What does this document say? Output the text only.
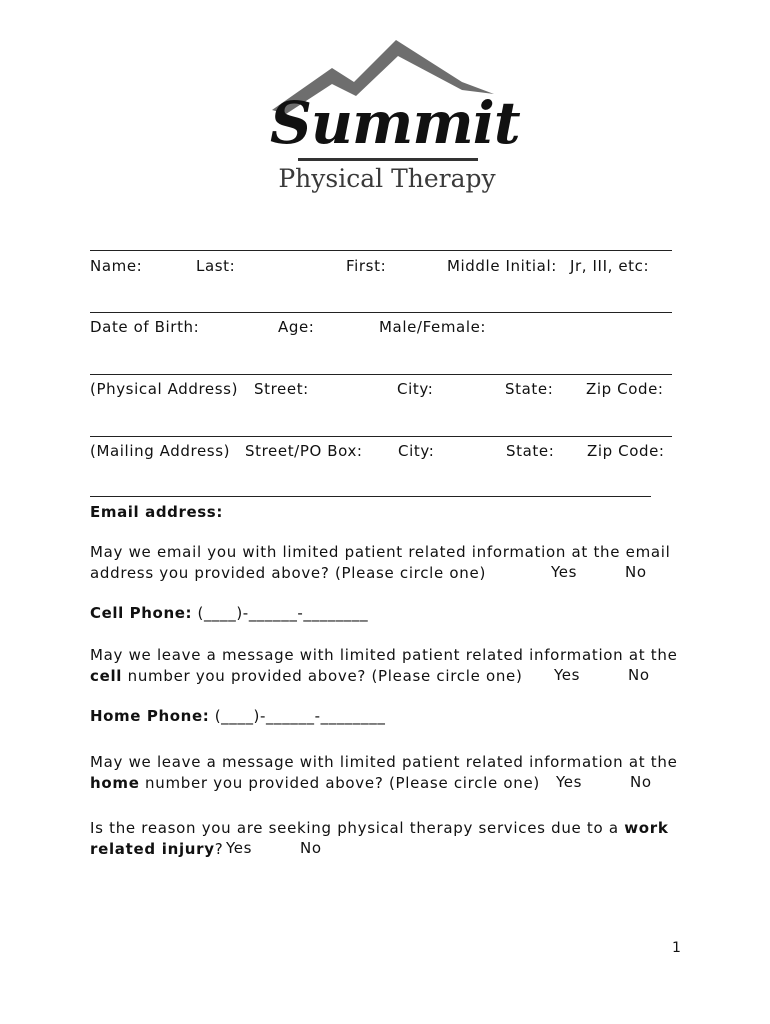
Summit
Physical Therapy
Name:	Last:	First:	Middle Initial: Jr, III, etc:
Date of Birth:	Age:	Male/Female:
(Physical Address) Street:	City:	State: Zip Code:
(Mailing Address) Street/PO Box: City:	State: Zip Code:
Email address:
May we email you with limited patient related information at the email
address you provided above? (Please circle one)	Yes	No
Cell Phone: (____)-______-________
May we leave a message with limited patient related information at the
cell number you provided above? (Please circle one)	Yes	No
Home Phone: (____)-______-________
May we leave a message with limited patient related information at the
home number you provided above? (Please circle one)	Yes	No
Is the reason you are seeking physical therapy services due to a work
related injury? Yes	No
1
